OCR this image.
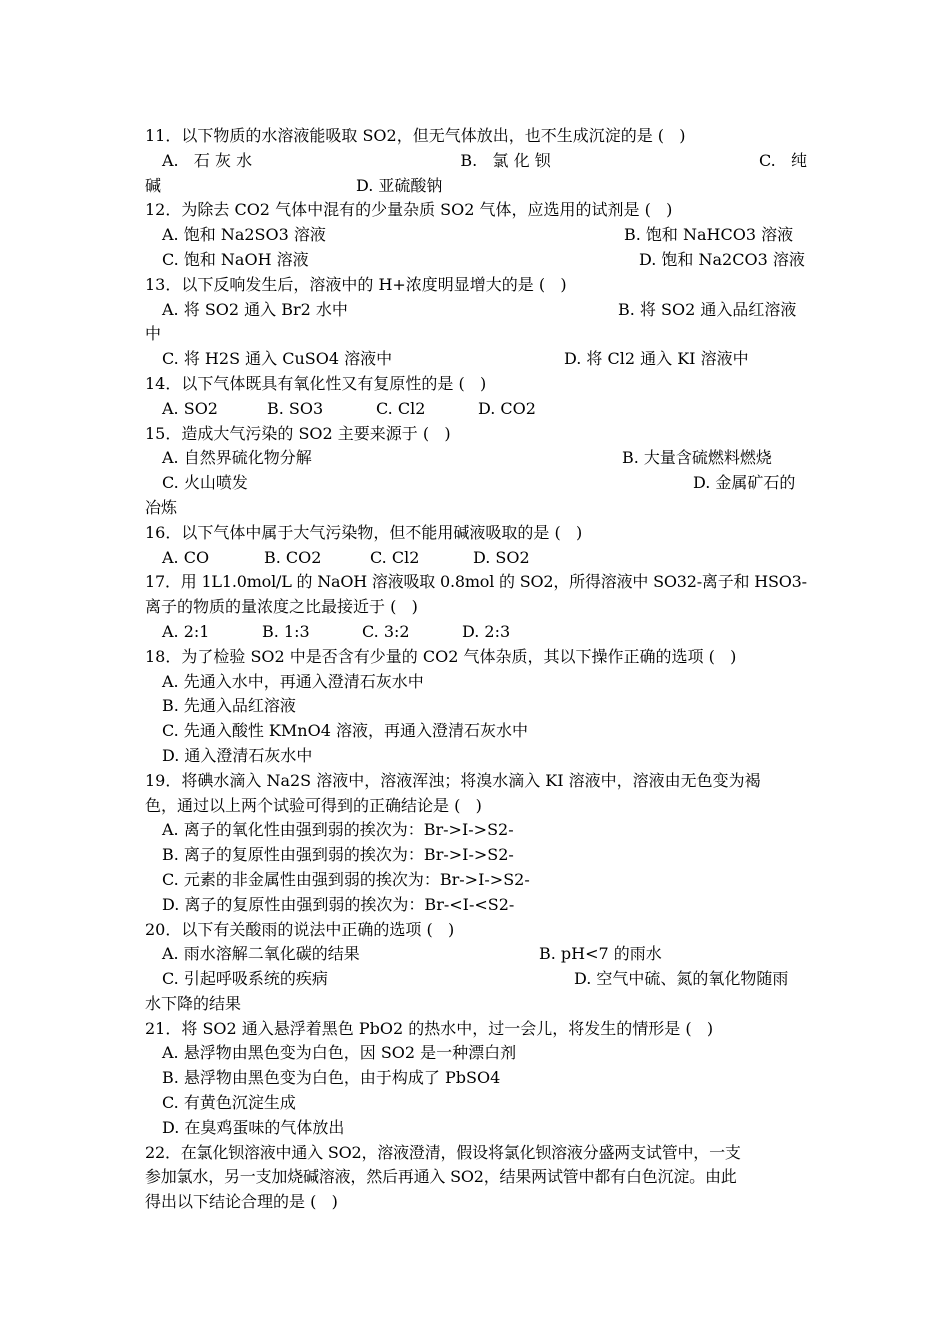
11．以下物质的水溶液能吸取 SO2，但无气体放出，也不生成沉淀的是 (   )
A.   石 灰 水	B.   氯 化 钡	C.   纯
碱	D. 亚硫酸钠
12．为除去 CO2 气体中混有的少量杂质 SO2 气体，应选用的试剂是 (   )
A. 饱和 Na2SO3 溶液	B. 饱和 NaHCO3 溶液
C. 饱和 NaOH 溶液	D. 饱和 Na2CO3 溶液
13．以下反响发生后，溶液中的 H+浓度明显增大的是 (   )
A. 将 SO2 通入 Br2 水中	B. 将 SO2 通入品红溶液
中
C. 将 H2S 通入 CuSO4 溶液中	D. 将 Cl2 通入 KI 溶液中
14．以下气体既具有氧化性又有复原性的是 (   )
A. SO2	B. SO3	C. Cl2	D. CO2
15．造成大气污染的 SO2 主要来源于 (   )
A. 自然界硫化物分解	B. 大量含硫燃料燃烧
C. 火山喷发	D. 金属矿石的
冶炼
16．以下气体中属于大气污染物，但不能用碱液吸取的是 (   )
A. CO	B. CO2	C. Cl2	D. SO2
17．用 1L1.0mol/L 的 NaOH 溶液吸取 0.8mol 的 SO2，所得溶液中 SO32-离子和 HSO3-
离子的物质的量浓度之比最接近于 (   )
A. 2:1	B. 1:3	C. 3:2	D. 2:3
18．为了检验 SO2 中是否含有少量的 CO2 气体杂质，其以下操作正确的选项 (   )
A. 先通入水中，再通入澄清石灰水中
B. 先通入品红溶液
C. 先通入酸性 KMnO4 溶液，再通入澄清石灰水中
D. 通入澄清石灰水中
19．将碘水滴入 Na2S 溶液中，溶液浑浊；将溴水滴入 KI 溶液中，溶液由无色变为褐
色，通过以上两个试验可得到的正确结论是 (   )
A. 离子的氧化性由强到弱的挨次为：Br->I->S2-
B. 离子的复原性由强到弱的挨次为：Br->I->S2-
C. 元素的非金属性由强到弱的挨次为：Br->I->S2-
D. 离子的复原性由强到弱的挨次为：Br-<I-<S2-
20．以下有关酸雨的说法中正确的选项 (   )
A. 雨水溶解二氧化碳的结果	B. pH<7 的雨水
C. 引起呼吸系统的疾病	D. 空气中硫、氮的氧化物随雨
水下降的结果
21．将 SO2 通入悬浮着黑色 PbO2 的热水中，过一会儿，将发生的情形是 (   )
A. 悬浮物由黑色变为白色，因 SO2 是一种漂白剂
B. 悬浮物由黑色变为白色，由于构成了 PbSO4
C. 有黄色沉淀生成
D. 在臭鸡蛋味的气体放出
22．在氯化钡溶液中通入 SO2，溶液澄清，假设将氯化钡溶液分盛两支试管中，一支
参加氯水，另一支加烧碱溶液，然后再通入 SO2，结果两试管中都有白色沉淀。由此
得出以下结论合理的是 (   )
